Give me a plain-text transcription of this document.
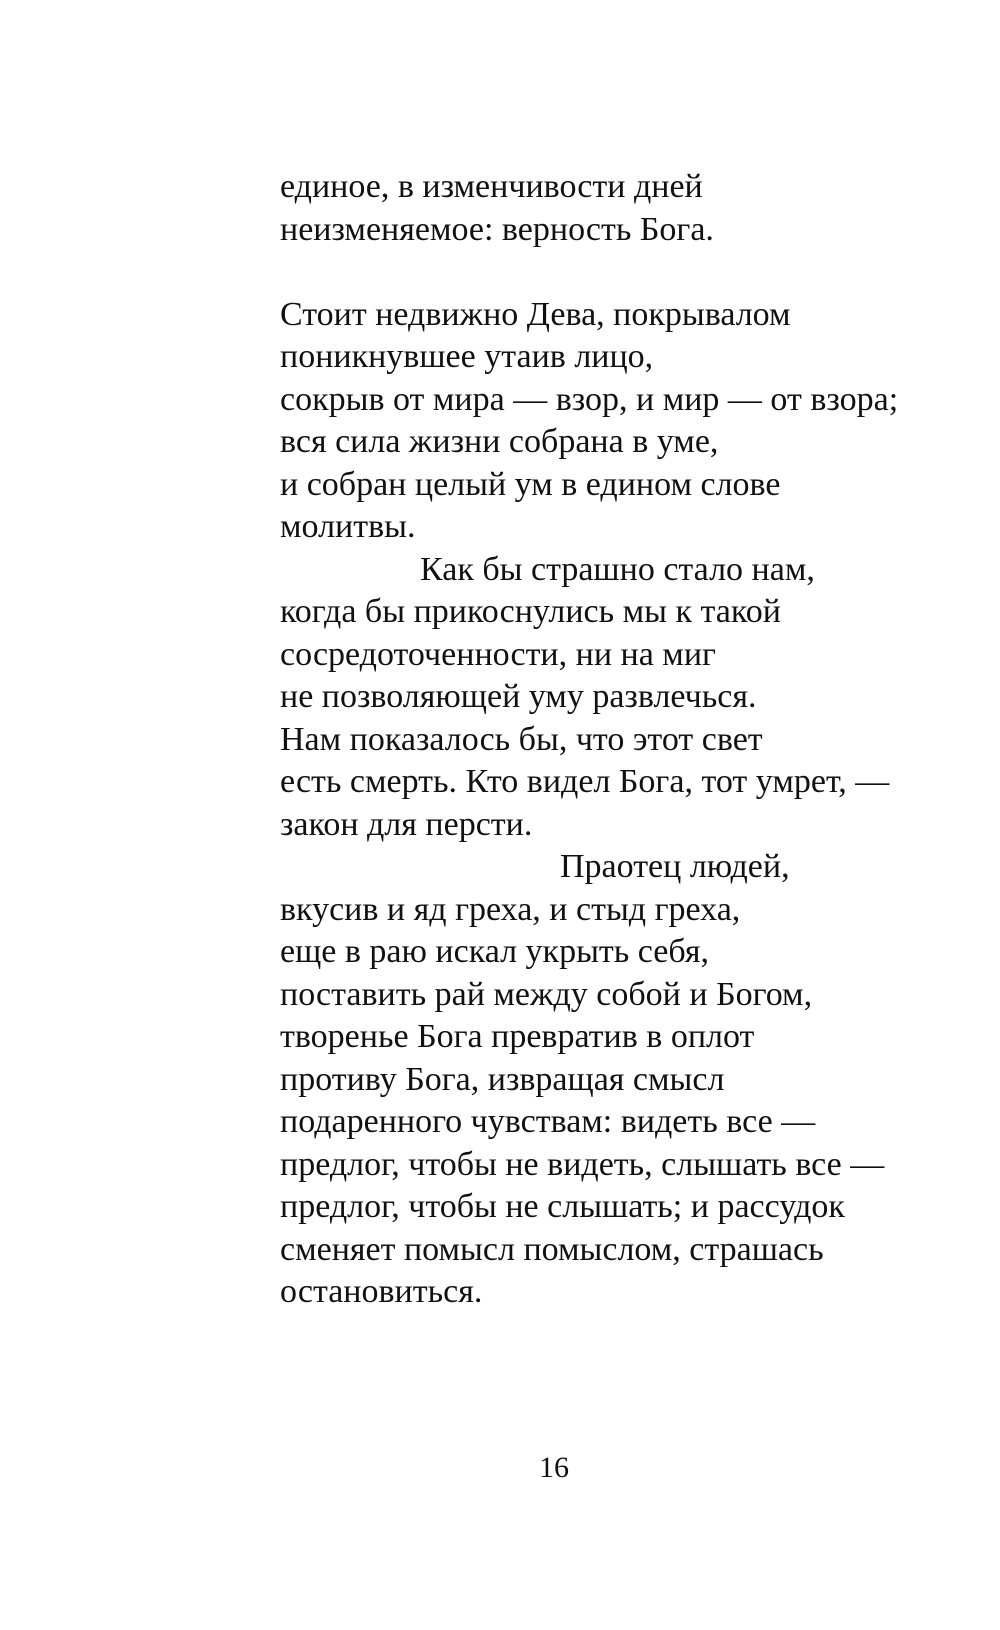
единое, в изменчивости дней
неизменяемое: верность Бога.
Стоит недвижно Дева, покрывалом
поникнувшее утаив лицо,
сокрыв от мира — взор, и мир — от взора;
вся сила жизни собрана в уме,
и собран целый ум в едином слове
молитвы.
Как бы страшно стало нам,
когда бы прикоснулись мы к такой
сосредоточенности, ни на миг
не позволяющей уму развлечься.
Нам показалось бы, что этот свет
есть смерть. Кто видел Бога, тот умрет, —
закон для персти.
Праотец людей,
вкусив и яд греха, и стыд греха,
еще в раю искал укрыть себя,
поставить рай между собой и Богом,
творенье Бога превратив в оплот
противу Бога, извращая смысл
подаренного чувствам: видеть все —
предлог, чтобы не видеть, слышать все —
предлог, чтобы не слышать; и рассудок
сменяет помысл помыслом, страшась
остановиться.
16
